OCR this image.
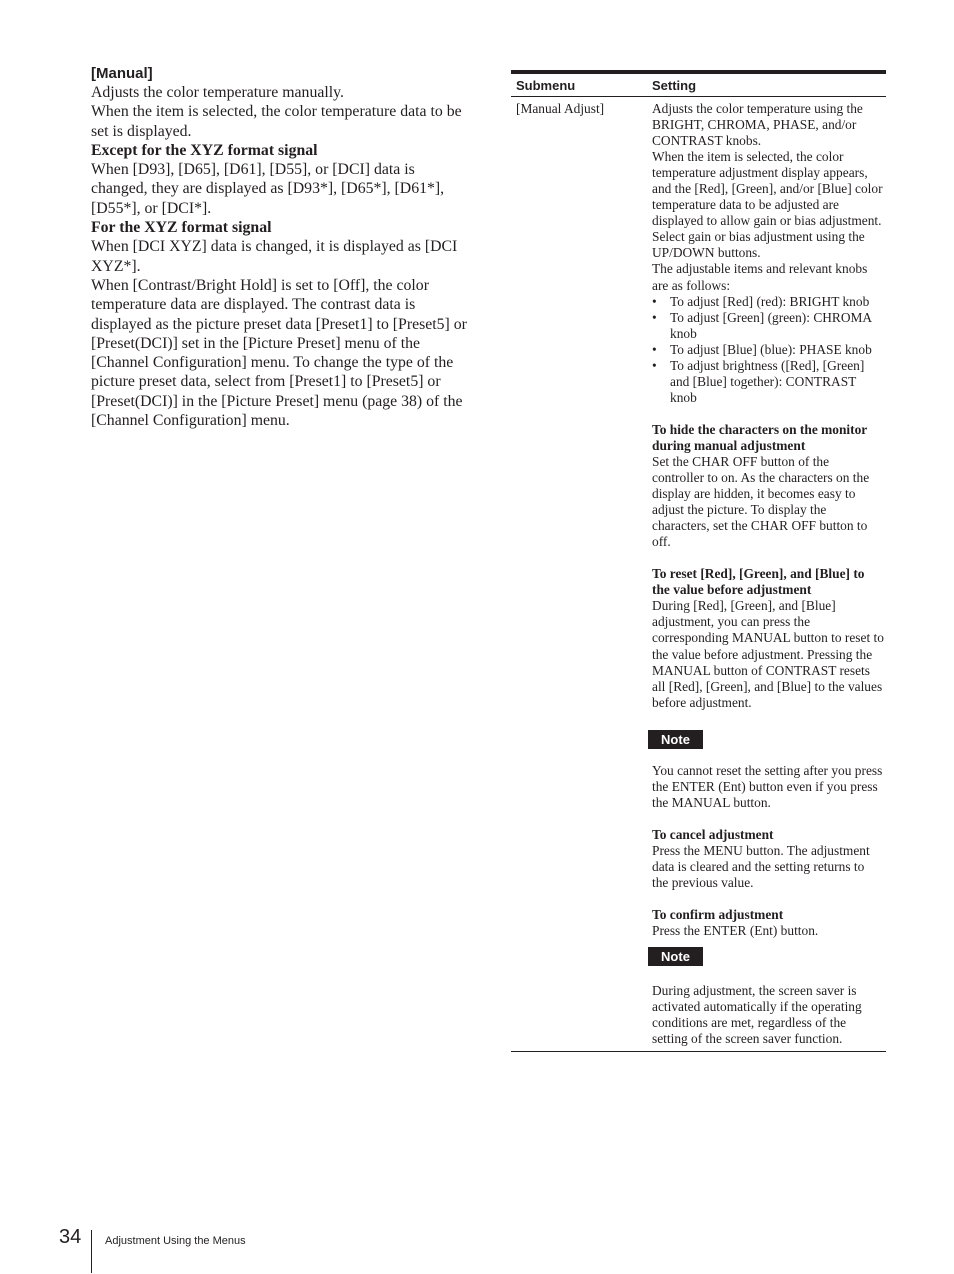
[Manual]

Adjusts the color temperature manually.

When the item is selected, the color temperature data to be set is displayed.

Except for the XYZ format signal

When [D93], [D65], [D61], [D55], or [DCI] data is changed, they are displayed as [D93*], [D65*], [D61*], [D55*], or [DCI*].

For the XYZ format signal

When [DCI XYZ] data is changed, it is displayed as [DCI XYZ*].

When [Contrast/Bright Hold] is set to [Off], the color temperature data are displayed. The contrast data is displayed as the picture preset data [Preset1] to [Preset5] or [Preset(DCI)] set in the [Picture Preset] menu of the [Channel Configuration] menu. To change the type of the picture preset data, select from [Preset1] to [Preset5] or [Preset(DCI)] in the [Picture Preset] menu (page 38) of the [Channel Configuration] menu.

Submenu	Setting
[Manual Adjust]	Adjusts the color temperature using the BRIGHT, CHROMA, PHASE, and/or CONTRAST knobs.

When the item is selected, the color temperature adjustment display appears, and the [Red], [Green], and/or [Blue] color temperature data to be adjusted are displayed to allow gain or bias adjustment. Select gain or bias adjustment using the UP/DOWN buttons.

The adjustable items and relevant knobs are as follows:

• To adjust [Red] (red): BRIGHT knob
• To adjust [Green] (green): CHROMA knob
• To adjust [Blue] (blue): PHASE knob
• To adjust brightness ([Red], [Green] and [Blue] together): CONTRAST knob

To hide the characters on the monitor during manual adjustment

Set the CHAR OFF button of the controller to on. As the characters on the display are hidden, it becomes easy to adjust the picture. To display the characters, set the CHAR OFF button to off.

To reset [Red], [Green], and [Blue] to the value before adjustment

During [Red], [Green], and [Blue] adjustment, you can press the corresponding MANUAL button to reset to the value before adjustment. Pressing the MANUAL button of CONTRAST resets all [Red], [Green], and [Blue] to the values before adjustment.

Note

You cannot reset the setting after you press the ENTER (Ent) button even if you press the MANUAL button.

To cancel adjustment

Press the MENU button. The adjustment data is cleared and the setting returns to the previous value.

To confirm adjustment

Press the ENTER (Ent) button.

Note

During adjustment, the screen saver is activated automatically if the operating conditions are met, regardless of the setting of the screen saver function.

34 Adjustment Using the Menus
